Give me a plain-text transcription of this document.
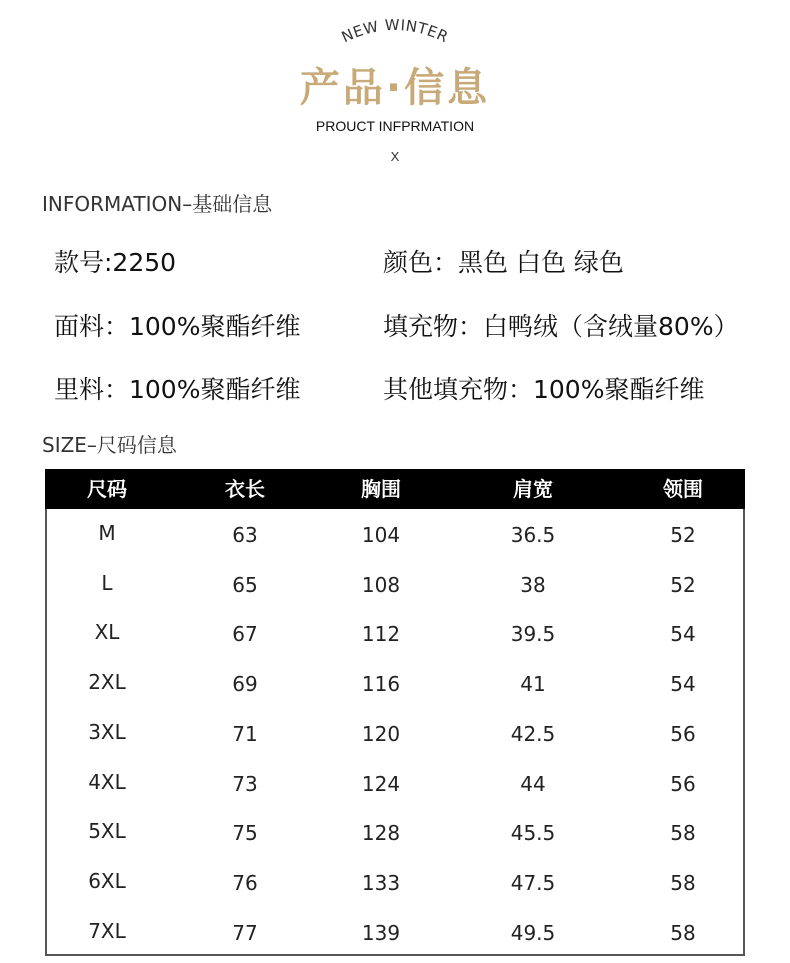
NEW WINTER
产品·信息
PROUCT INFPRMATION
X
INFORMATION–基础信息
款号:2250	颜色：黑色 白色 绿色
面料：100%聚酯纤维	填充物：白鸭绒（含绒量80%）
里料：100%聚酯纤维	其他填充物：100%聚酯纤维
SIZE–尺码信息
尺码	衣长	胸围	肩宽	领围
M	63	104	36.5	52
L	65	108	38	52
XL	67	112	39.5	54
2XL	69	116	41	54
3XL	71	120	42.5	56
4XL	73	124	44	56
5XL	75	128	45.5	58
6XL	76	133	47.5	58
7XL	77	139	49.5	58
